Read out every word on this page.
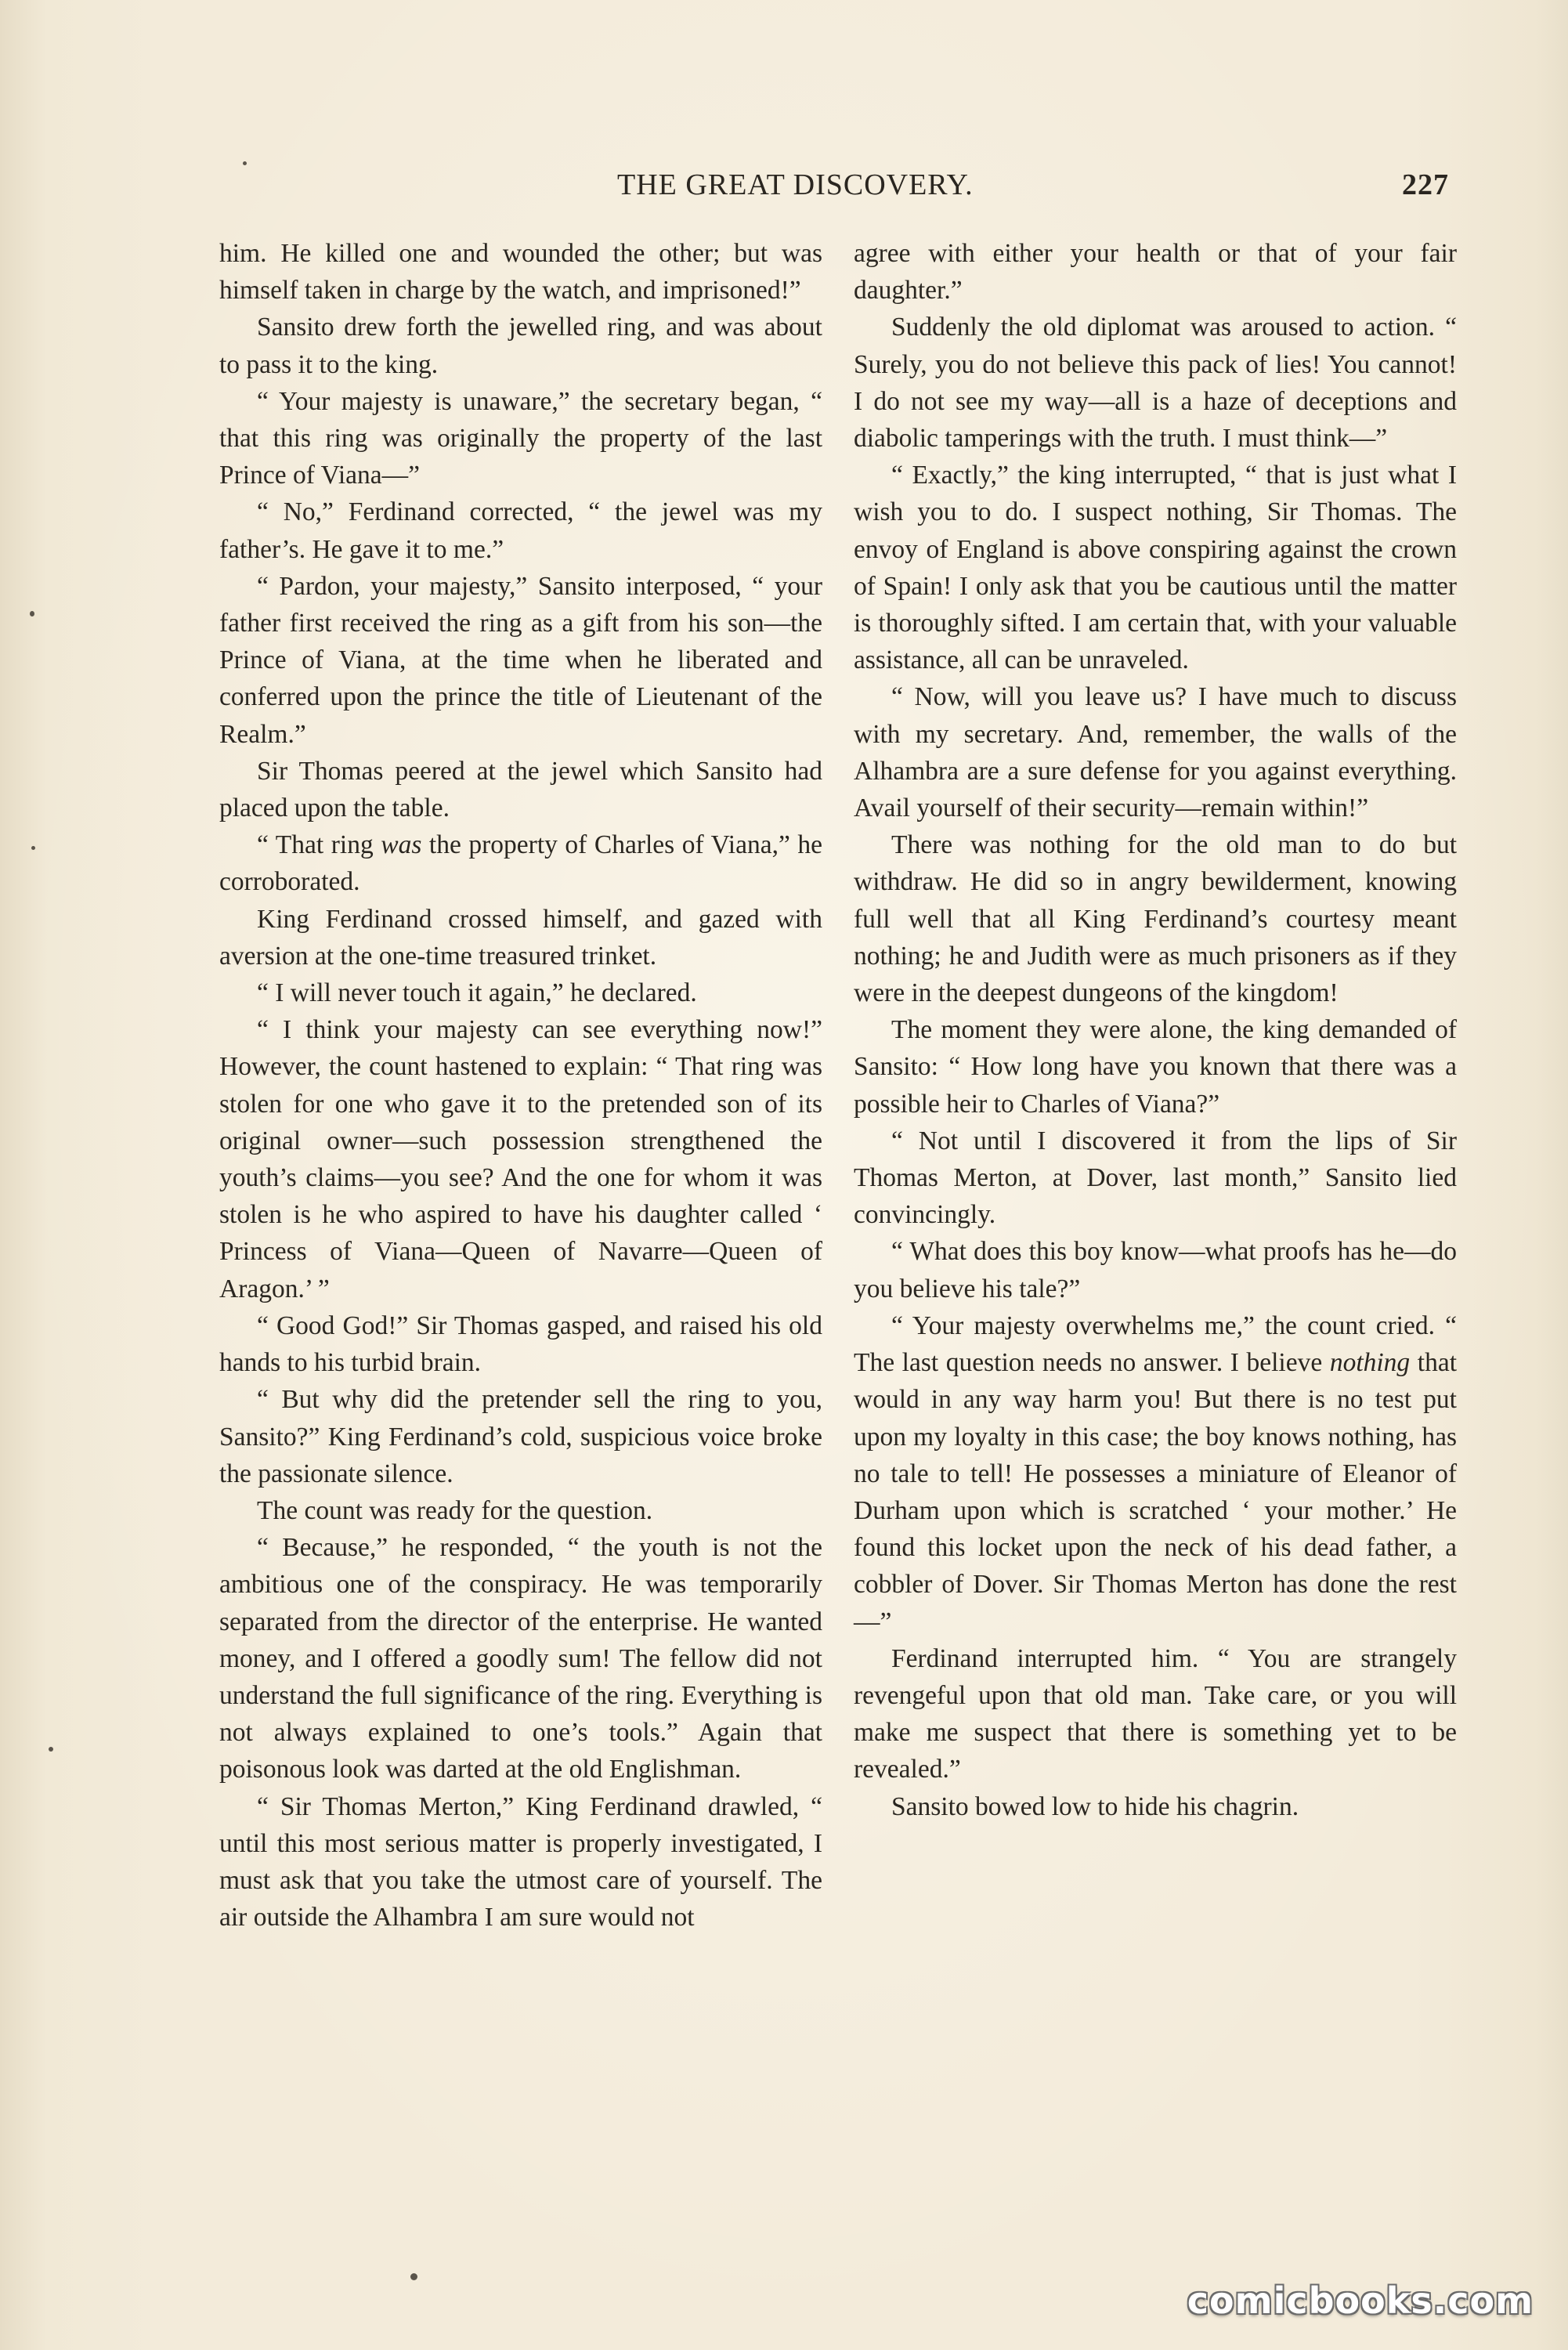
THE GREAT DISCOVERY.	227

him. He killed one and wounded the other; but was himself taken in charge by the watch, and imprisoned!”

Sansito drew forth the jewelled ring, and was about to pass it to the king.

“ Your majesty is unaware,” the secretary began, “ that this ring was originally the property of the last Prince of Viana—”

“ No,” Ferdinand corrected, “ the jewel was my father’s. He gave it to me.”

“ Pardon, your majesty,” Sansito interposed, “ your father first received the ring as a gift from his son—the Prince of Viana, at the time when he liberated and conferred upon the prince the title of Lieutenant of the Realm.”

Sir Thomas peered at the jewel which Sansito had placed upon the table.

“ That ring was the property of Charles of Viana,” he corroborated.

King Ferdinand crossed himself, and gazed with aversion at the one-time treasured trinket.

“ I will never touch it again,” he declared.

“ I think your majesty can see everything now!” However, the count hastened to explain: “ That ring was stolen for one who gave it to the pretended son of its original owner—such possession strengthened the youth’s claims—you see? And the one for whom it was stolen is he who aspired to have his daughter called ‘ Princess of Viana—Queen of Navarre—Queen of Aragon.’ ”

“ Good God!” Sir Thomas gasped, and raised his old hands to his turbid brain.

“ But why did the pretender sell the ring to you, Sansito?” King Ferdinand’s cold, suspicious voice broke the passionate silence.

The count was ready for the question.

“ Because,” he responded, “ the youth is not the ambitious one of the conspiracy. He was temporarily separated from the director of the enterprise. He wanted money, and I offered a goodly sum! The fellow did not understand the full significance of the ring. Everything is not always explained to one’s tools.” Again that poisonous look was darted at the old Englishman.

“ Sir Thomas Merton,” King Ferdinand drawled, “ until this most serious matter is properly investigated, I must ask that you take the utmost care of yourself. The air outside the Alhambra I am sure would not

agree with either your health or that of your fair daughter.”

Suddenly the old diplomat was aroused to action. “ Surely, you do not believe this pack of lies! You cannot! I do not see my way—all is a haze of deceptions and diabolic tamperings with the truth. I must think—”

“ Exactly,” the king interrupted, “ that is just what I wish you to do. I suspect nothing, Sir Thomas. The envoy of England is above conspiring against the crown of Spain! I only ask that you be cautious until the matter is thoroughly sifted. I am certain that, with your valuable assistance, all can be unraveled.

“ Now, will you leave us? I have much to discuss with my secretary. And, remember, the walls of the Alhambra are a sure defense for you against everything. Avail yourself of their security—remain within!”

There was nothing for the old man to do but withdraw. He did so in angry bewilderment, knowing full well that all King Ferdinand’s courtesy meant nothing; he and Judith were as much prisoners as if they were in the deepest dungeons of the kingdom!

The moment they were alone, the king demanded of Sansito: “ How long have you known that there was a possible heir to Charles of Viana?”

“ Not until I discovered it from the lips of Sir Thomas Merton, at Dover, last month,” Sansito lied convincingly.

“ What does this boy know—what proofs has he—do you believe his tale?”

“ Your majesty overwhelms me,” the count cried. “ The last question needs no answer. I believe nothing that would in any way harm you! But there is no test put upon my loyalty in this case; the boy knows nothing, has no tale to tell! He possesses a miniature of Eleanor of Durham upon which is scratched ‘ your mother.’ He found this locket upon the neck of his dead father, a cobbler of Dover. Sir Thomas Merton has done the rest—”

Ferdinand interrupted him. “ You are strangely revengeful upon that old man. Take care, or you will make me suspect that there is something yet to be revealed.”

Sansito bowed low to hide his chagrin.

comicbooks.com
